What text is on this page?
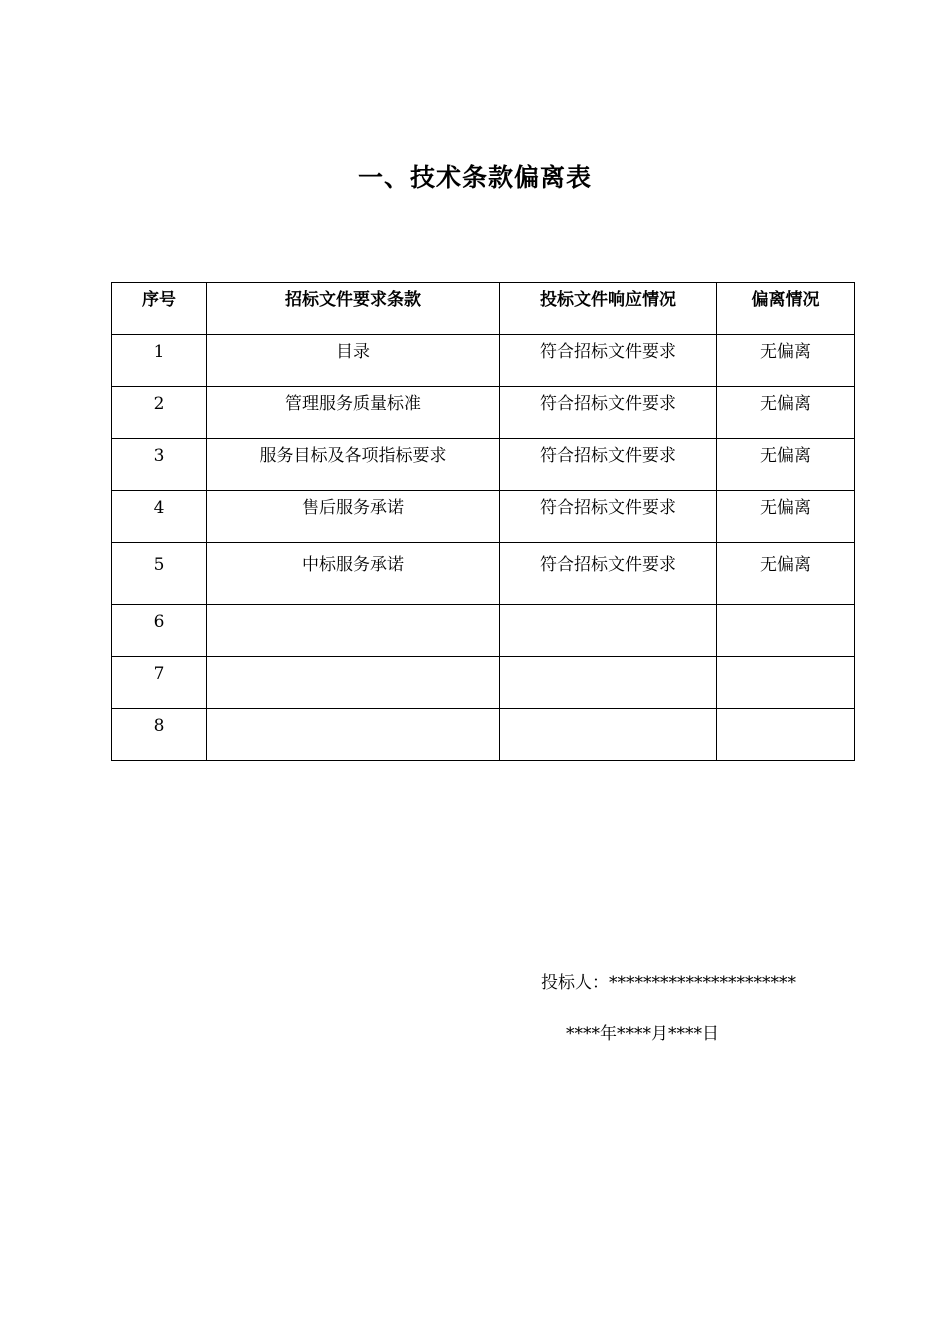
一、技术条款偏离表
序号	招标文件要求条款	投标文件响应情况	偏离情况
1	目录	符合招标文件要求	无偏离
2	管理服务质量标准	符合招标文件要求	无偏离
3	服务目标及各项指标要求	符合招标文件要求	无偏离
4	售后服务承诺	符合招标文件要求	无偏离
5	中标服务承诺	符合招标文件要求	无偏离
6			
7			
8			
投标人：**********************
****年****月****日
